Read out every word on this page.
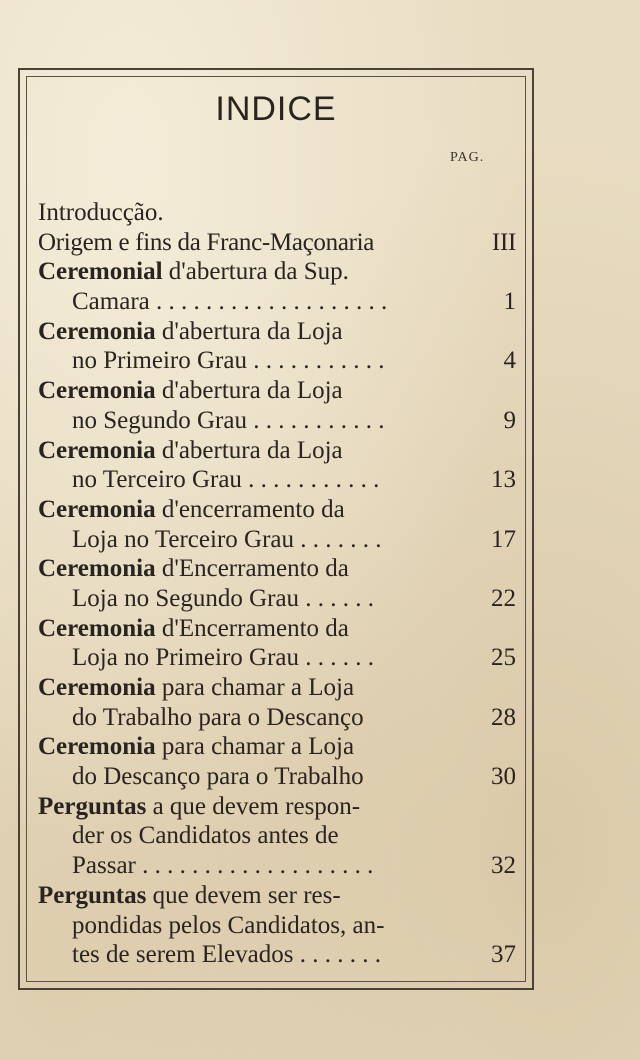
INDICE
PAG.
Introducção.
Origem e fins da Franc-Maçonaria	III
Ceremonial d'abertura da Sup.
Camara . . . . . . . . . . . . . . . . . . .	1
Ceremonia d'abertura da Loja
no Primeiro Grau . . . . . . . . . . .	4
Ceremonia d'abertura da Loja
no Segundo Grau . . . . . . . . . . .	9
Ceremonia d'abertura da Loja
no Terceiro Grau . . . . . . . . . . .	13
Ceremonia d'encerramento da
Loja no Terceiro Grau . . . . . . .	17
Ceremonia d'Encerramento da
Loja no Segundo Grau . . . . . .	22
Ceremonia d'Encerramento da
Loja no Primeiro Grau . . . . . .	25
Ceremonia para chamar a Loja
do Trabalho para o Descanço	28
Ceremonia para chamar a Loja
do Descanço para o Trabalho	30
Perguntas a que devem respon-
der os Candidatos antes de
Passar . . . . . . . . . . . . . . . . . . .	32
Perguntas que devem ser res-
pondidas pelos Candidatos, an-
tes de serem Elevados . . . . . . .	37
